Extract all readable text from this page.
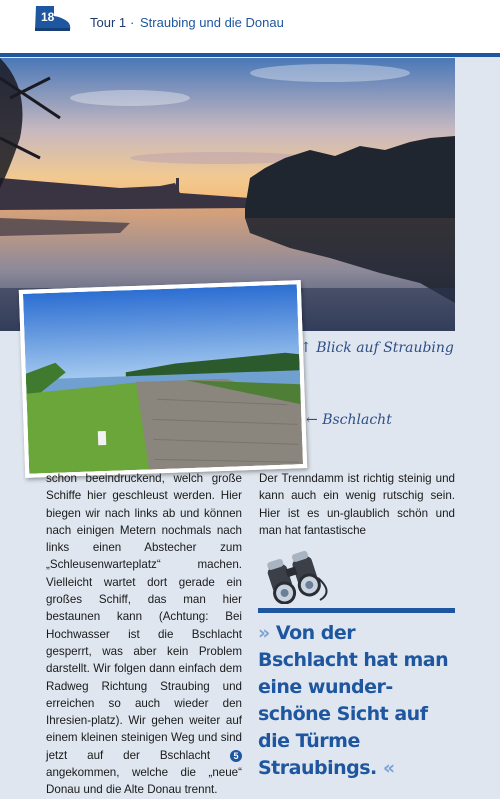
18	Tour 1 · Straubing und die Donau
↑ Blick auf Straubing
← Bschlacht

schon beeindruckend, welch große Schiffe hier geschleust werden. Hier biegen wir nach links ab und können nach einigen Metern nochmals nach links einen Abstecher zum „Schleusenwarteplatz“ machen. Vielleicht wartet dort gerade ein großes Schiff, das man hier bestaunen kann (Achtung: Bei Hochwasser ist die Bschlacht gesperrt, was aber kein Problem darstellt. Wir folgen dann einfach dem Radweg Richtung Straubing und erreichen so auch wieder den Ihresien-platz). Wir gehen weiter auf einem kleinen steinigen Weg und sind jetzt auf der Bschlacht	5 angekommen, welche die „neue“ Donau und die Alte Donau trennt.

Der Trenndamm ist richtig steinig und kann auch ein wenig rutschig sein. Hier ist es un-glaublich schön und man hat fantastische

» Von der Bschlacht hat man eine wunder-schöne Sicht auf die Türme Straubings. «
